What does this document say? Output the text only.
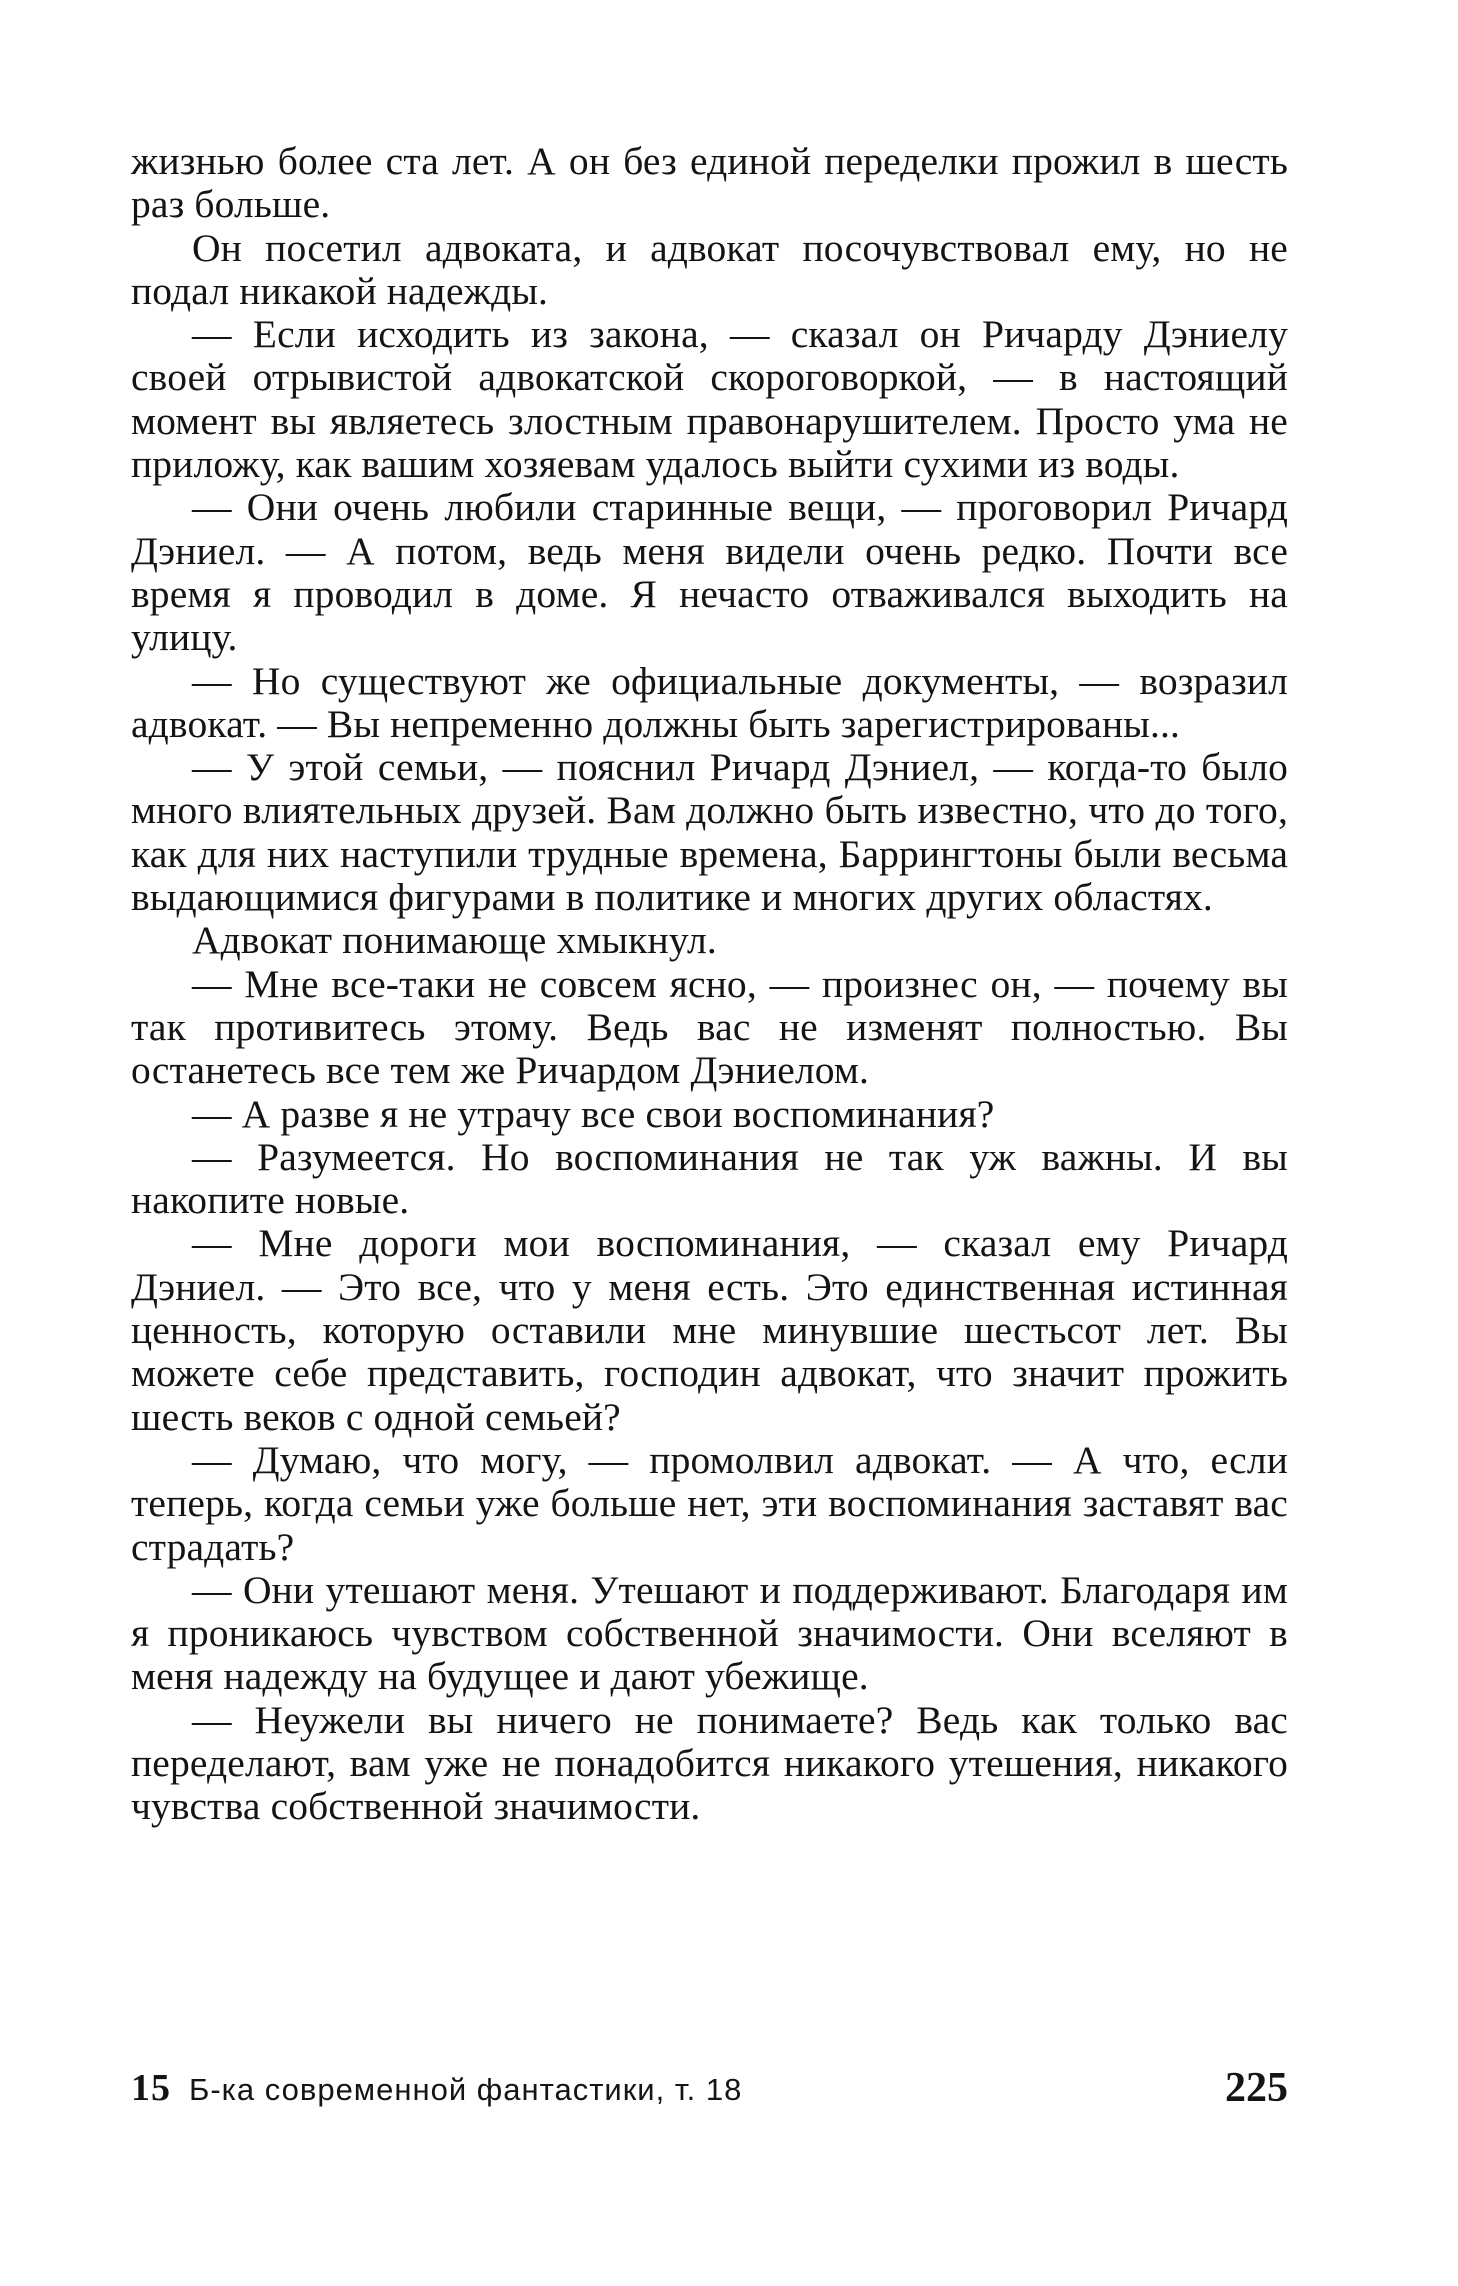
жизнью более ста лет. А он без единой переделки прожил в шесть раз больше.

Он посетил адвоката, и адвокат посочувствовал ему, но не подал никакой надежды.

— Если исходить из закона, — сказал он Ричарду Дэниелу своей отрывистой адвокатской скороговоркой, — в настоящий момент вы являетесь злостным правонарушителем. Просто ума не приложу, как вашим хозяевам удалось выйти сухими из воды.

— Они очень любили старинные вещи, — проговорил Ричард Дэниел. — А потом, ведь меня видели очень редко. Почти все время я проводил в доме. Я нечасто отваживался выходить на улицу.

— Но существуют же официальные документы, — возразил адвокат. — Вы непременно должны быть зарегистрированы...

— У этой семьи, — пояснил Ричард Дэниел, — когда-то было много влиятельных друзей. Вам должно быть известно, что до того, как для них наступили трудные времена, Баррингтоны были весьма выдающимися фигурами в политике и многих других областях.

Адвокат понимающе хмыкнул.

— Мне все-таки не совсем ясно, — произнес он, — почему вы так противитесь этому. Ведь вас не изменят полностью. Вы останетесь все тем же Ричардом Дэниелом.

— А разве я не утрачу все свои воспоминания?

— Разумеется. Но воспоминания не так уж важны. И вы накопите новые.

— Мне дороги мои воспоминания, — сказал ему Ричард Дэниел. — Это все, что у меня есть. Это единственная истинная ценность, которую оставили мне минувшие шестьсот лет. Вы можете себе представить, господин адвокат, что значит прожить шесть веков с одной семьей?

— Думаю, что могу, — промолвил адвокат. — А что, если теперь, когда семьи уже больше нет, эти воспоминания заставят вас страдать?

— Они утешают меня. Утешают и поддерживают. Благодаря им я проникаюсь чувством собственной значимости. Они вселяют в меня надежду на будущее и дают убежище.

— Неужели вы ничего не понимаете? Ведь как только вас переделают, вам уже не понадобится никакого утешения, никакого чувства собственной значимости.

15 Б-ка современной фантастики, т. 18	225
